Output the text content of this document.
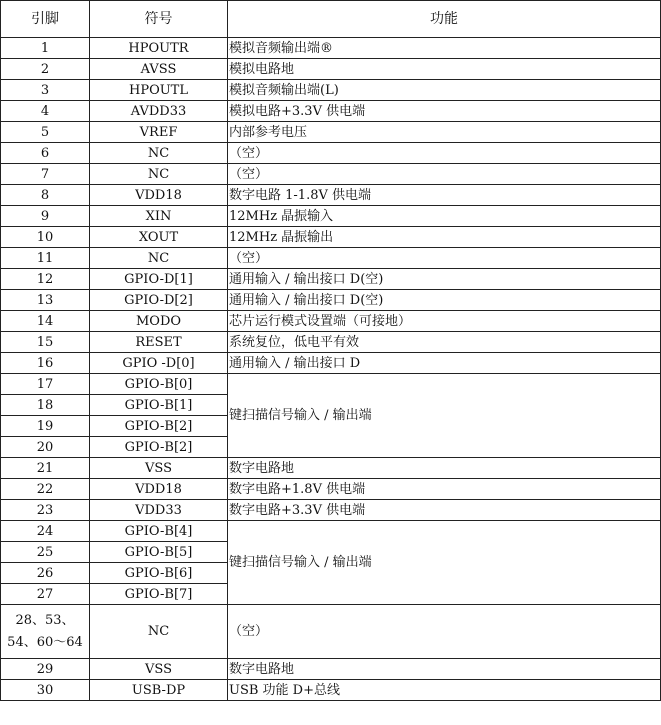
引脚	符号	功能
1	HPOUTR	模拟音频输出端®
2	AVSS	模拟电路地
3	HPOUTL	模拟音频输出端(L)
4	AVDD33	模拟电路+3.3V 供电端
5	VREF	内部参考电压
6	NC	（空）
7	NC	（空）
8	VDD18	数字电路 1-1.8V 供电端
9	XIN	12MHz 晶振输入
10	XOUT	12MHz 晶振输出
11	NC	（空）
12	GPIO-D[1]	通用输入 / 输出接口 D(空)
13	GPIO-D[2]	通用输入 / 输出接口 D(空)
14	MODO	芯片运行模式设置端（可接地）
15	RESET	系统复位，低电平有效
16	GPIO -D[0]	通用输入 / 输出接口 D
17	GPIO-B[0]	键扫描信号输入 / 输出端
18	GPIO-B[1]	
19	GPIO-B[2]	
20	GPIO-B[2]	
21	VSS	数字电路地
22	VDD18	数字电路+1.8V 供电端
23	VDD33	数字电路+3.3V 供电端
24	GPIO-B[4]	键扫描信号输入 / 输出端
25	GPIO-B[5]	
26	GPIO-B[6]	
27	GPIO-B[7]	
28、53、54、60～64	NC	（空）
29	VSS	数字电路地
30	USB-DP	USB 功能 D+总线
